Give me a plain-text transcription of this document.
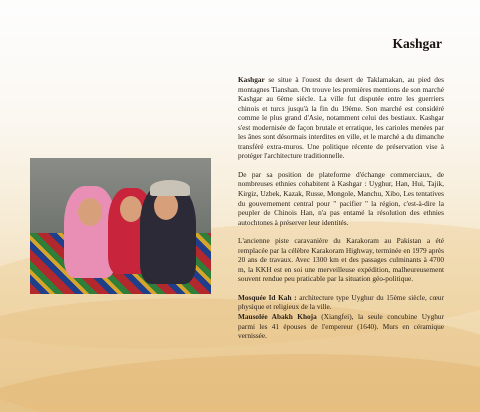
Kashgar

Kashgar se situe à l'ouest du desert de Taklamakan, au pied des montagnes Tianshan. On trouve les premières mentions de son marché Kashgar au 6ème siècle. La ville fut disputée entre les guerriers chinois et turcs jusqu'à la fin du 19ème. Son marché est considéré comme le plus grand d'Asie, notamment celui des bestiaux. Kashgar s'est modernisée de façon brutale et erratique, les carioles menées par les ânes sont désormais interdites en ville, et le marché a du dimanche transféré extra-muros. Une politique récente de préservation vise à protéger l'architecture traditionnelle.

De par sa position de plateforme d'échange commerciaux, de nombreuses ethnies cohabitent à Kashgar : Uyghur, Han, Hui, Tajik, Kirgiz, Uzbek, Kazak, Russe, Mongole, Manchu, Xibo, Les tentatives du gouvernement central pour " pacifier " la région, c'est-à-dire la peupler de Chinois Han, n'a pas entamé la résolution des ethnies autochtones à préserver leur identités.

L'ancienne piste caravanière du Karakoram au Pakistan a été remplacée par la célèbre Karakoram Highway, terminée en 1979 après 20 ans de travaux. Avec 1300 km et des passages culminants à 4700 m, la KKH est en soi une merveilleuse expédition, malheureusement souvent rendue peu praticable par la situation géo-politique.

Mosquée Id Kah : architecture type Uyghur du 15ème siècle, cœur physique et religieux de la ville.

Mausolée Abakh Khoja (Xiangfei), la seule concubine Uyghur parmi les 41 épouses de l'empereur (1640). Murs en céramique vernissée.
